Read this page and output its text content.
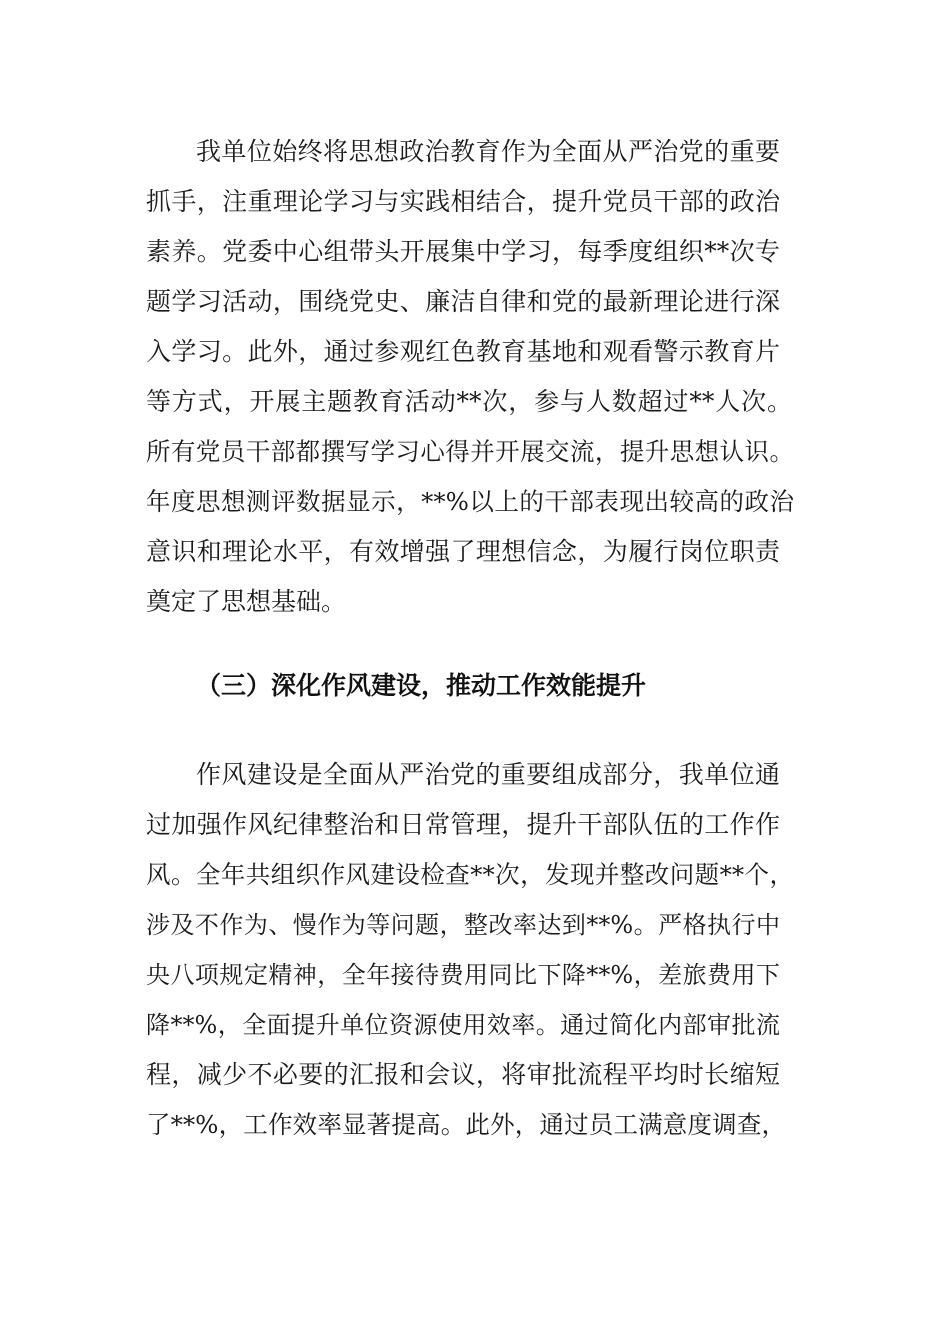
我单位始终将思想政治教育作为全面从严治党的重要
抓手，注重理论学习与实践相结合，提升党员干部的政治
素养。党委中心组带头开展集中学习，每季度组织**次专
题学习活动，围绕党史、廉洁自律和党的最新理论进行深
入学习。此外，通过参观红色教育基地和观看警示教育片
等方式，开展主题教育活动**次，参与人数超过**人次。
所有党员干部都撰写学习心得并开展交流，提升思想认识。
年度思想测评数据显示，**%以上的干部表现出较高的政治
意识和理论水平，有效增强了理想信念，为履行岗位职责
奠定了思想基础。
（三）深化作风建设，推动工作效能提升
作风建设是全面从严治党的重要组成部分，我单位通
过加强作风纪律整治和日常管理，提升干部队伍的工作作
风。全年共组织作风建设检查**次，发现并整改问题**个，
涉及不作为、慢作为等问题，整改率达到**%。严格执行中
央八项规定精神，全年接待费用同比下降**%，差旅费用下
降**%，全面提升单位资源使用效率。通过简化内部审批流
程，减少不必要的汇报和会议，将审批流程平均时长缩短
了**%，工作效率显著提高。此外，通过员工满意度调查，
